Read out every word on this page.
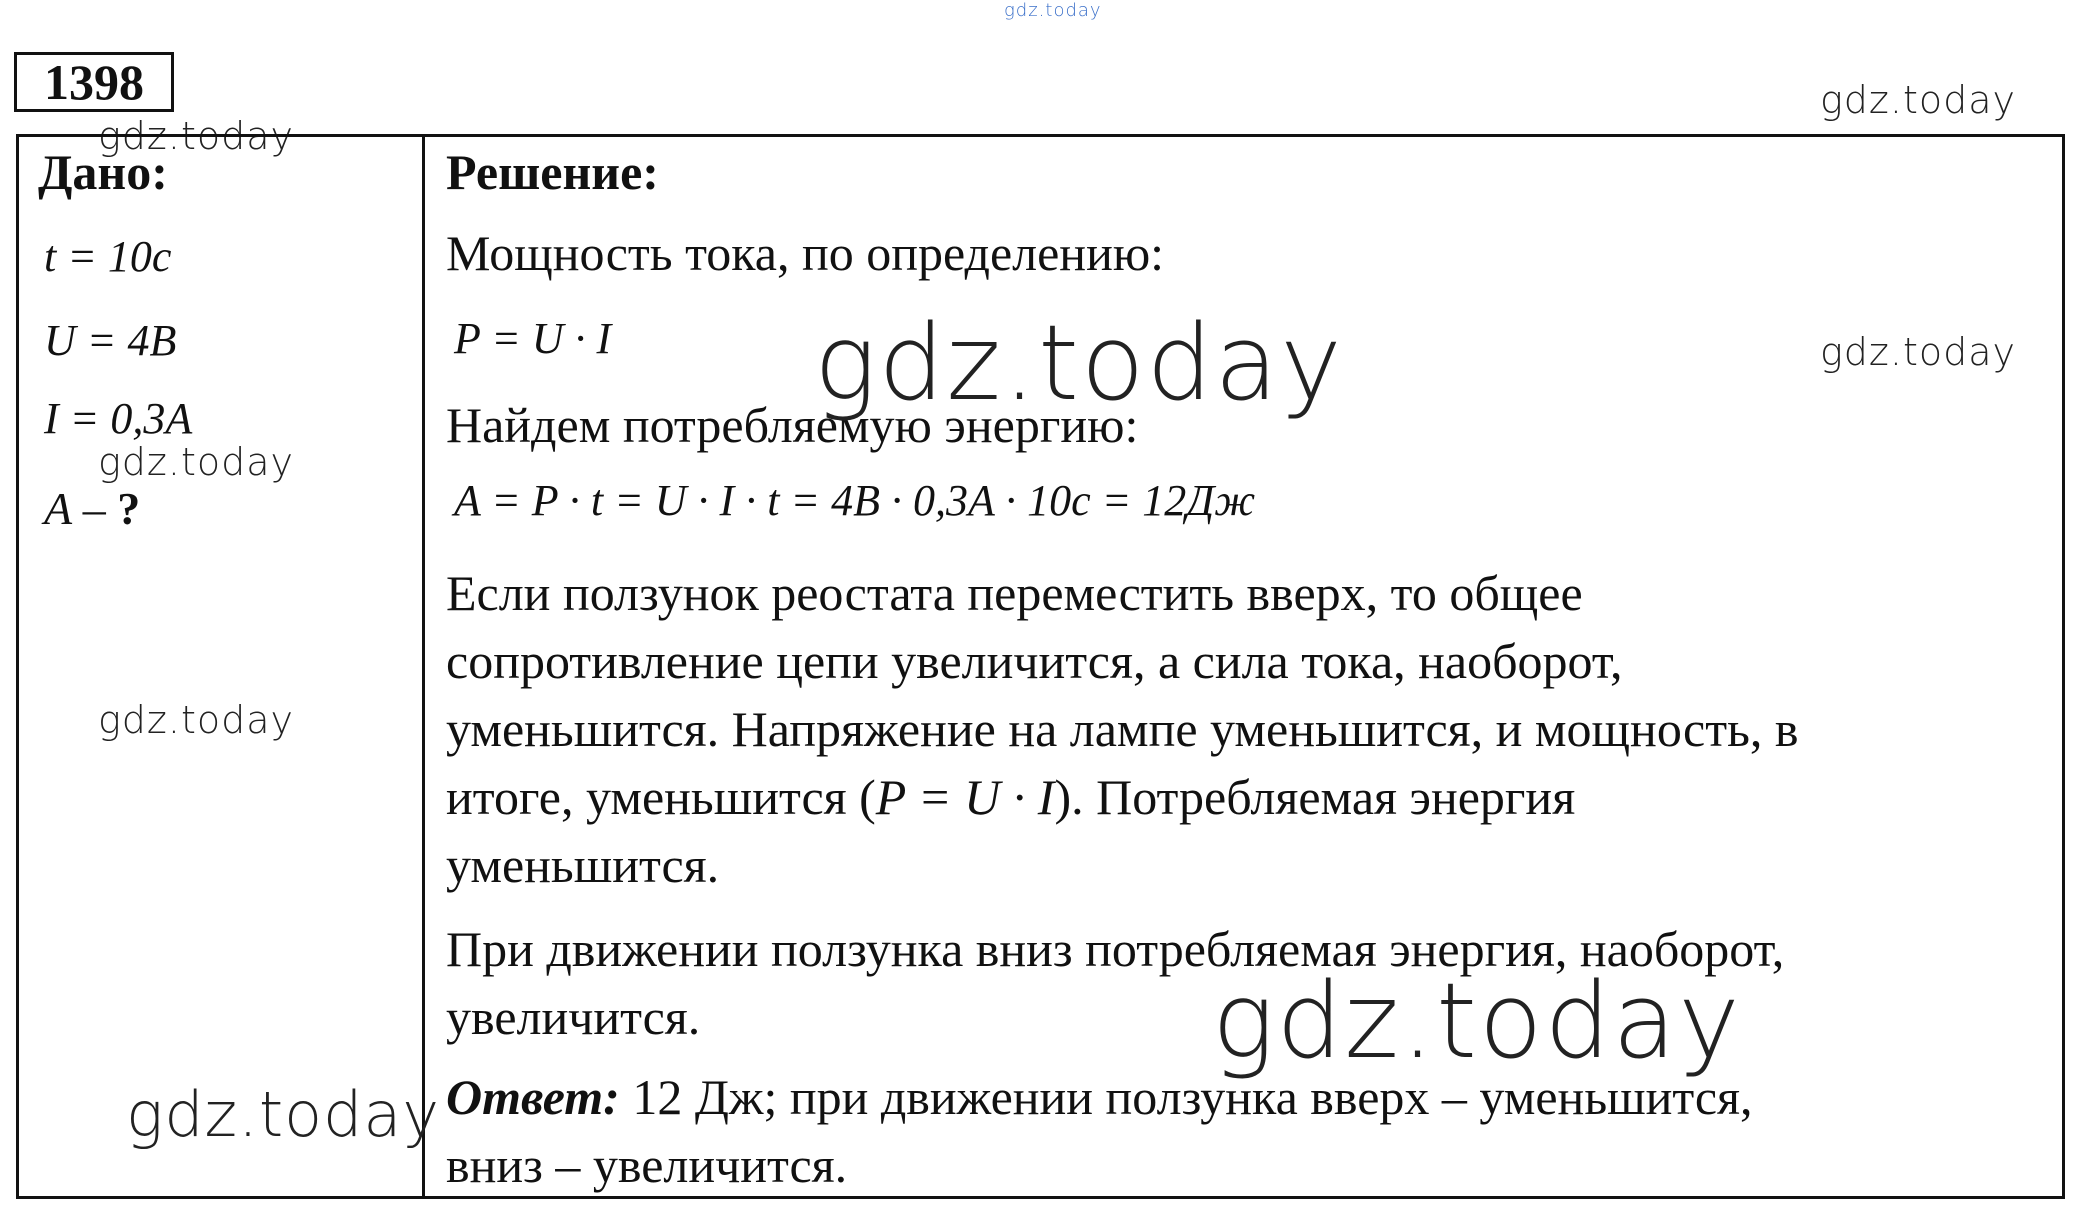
gdz.today
gdz.today
gdz.today
gdz.today
gdz.today
gdz.today
1398

Дано:

t = 10c

U = 4B

I = 0,3A

A – ?

Решение:

Мощность тока, по определению:

P = U · I

Найдем потребляемую энергию:

A = P · t = U · I · t = 4B · 0,3A · 10c = 12Дж

Если ползунок реостата переместить вверх, то общее

сопротивление цепи увеличится, а сила тока, наоборот,

уменьшится. Напряжение на лампе уменьшится, и мощность, в

итоге, уменьшится (P = U · I). Потребляемая энергия

уменьшится.

При движении ползунка вниз потребляемая энергия, наоборот,

увеличится.

Ответ: 12 Дж; при движении ползунка вверх – уменьшится,

вниз – увеличится.

gdz.today
gdz.today
gdz.today
